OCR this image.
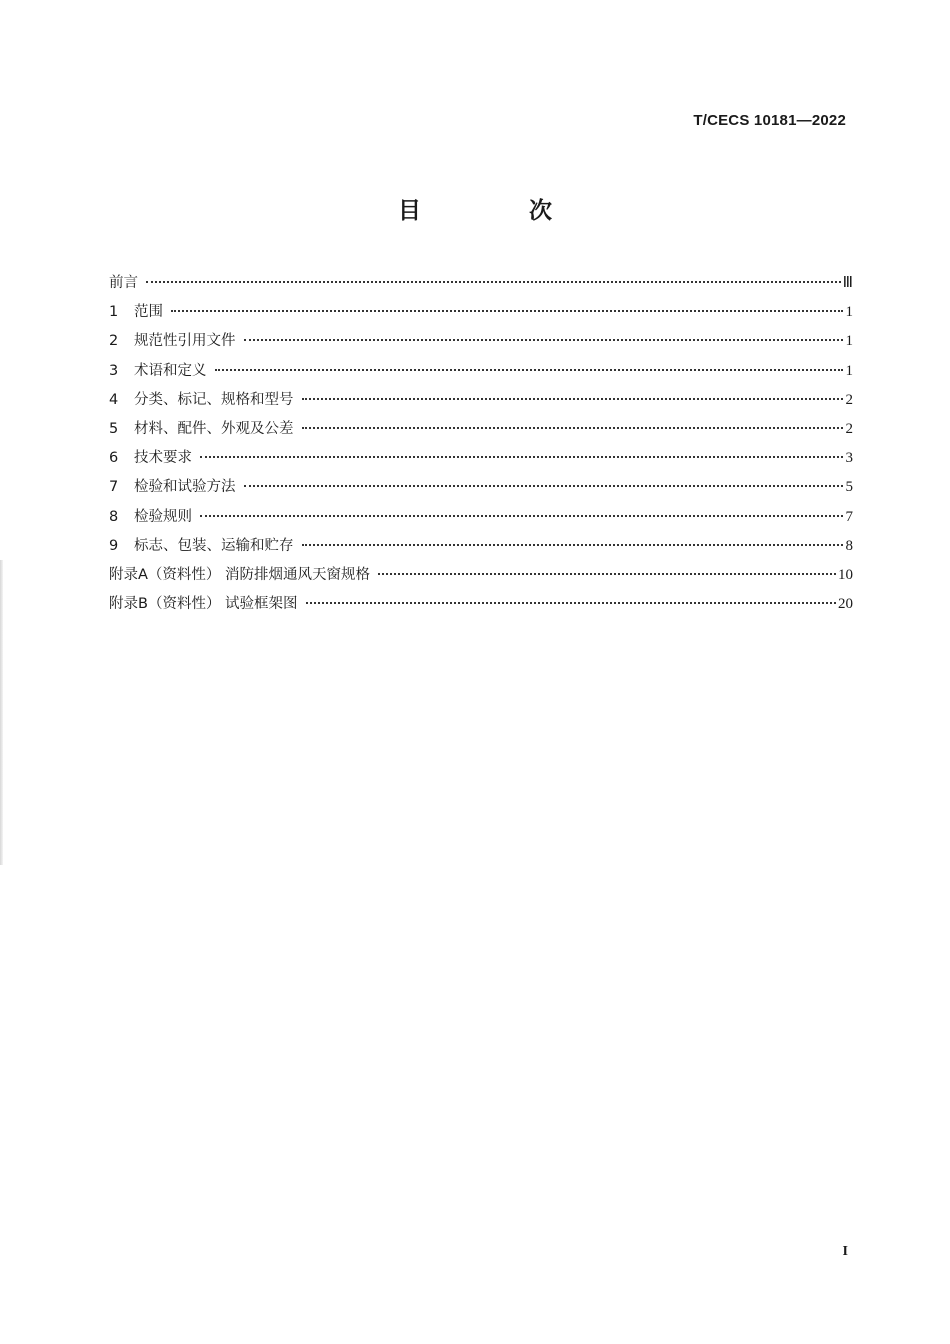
T/CECS 10181—2022
目 次
前言	Ⅲ
1	范围	1
2	规范性引用文件	1
3	术语和定义	1
4	分类、标记、规格和型号	2
5	材料、配件、外观及公差	2
6	技术要求	3
7	检验和试验方法	5
8	检验规则	7
9	标志、包装、运输和贮存	8
附录A（资料性） 消防排烟通风天窗规格	10
附录B（资料性） 试验框架图	20
I
